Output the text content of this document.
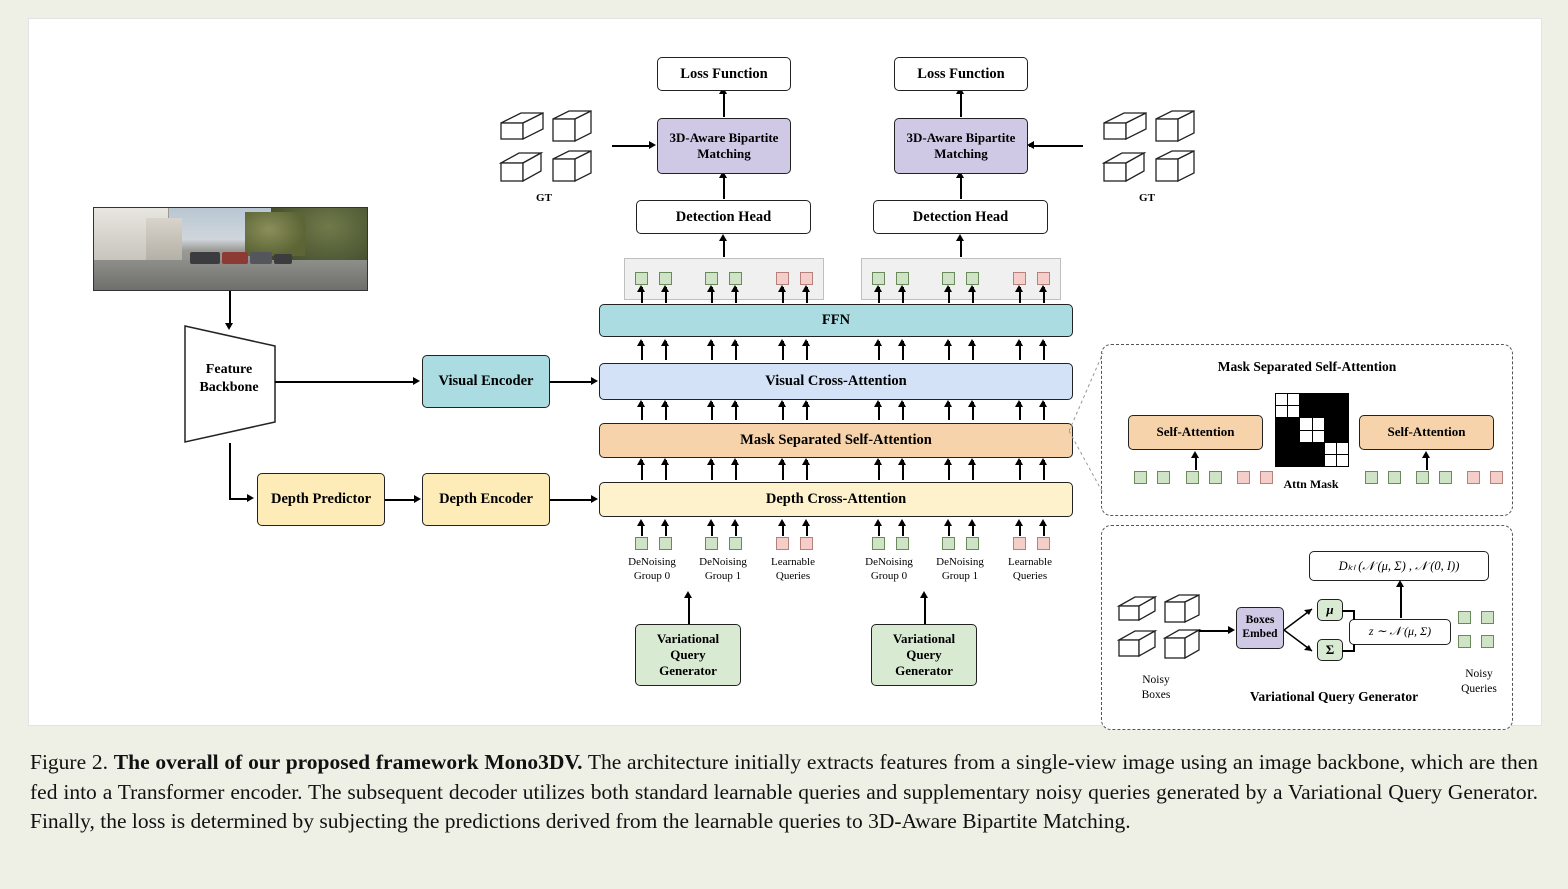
Feature
Backbone	Visual Encoder
Depth Predictor	Depth Encoder
FFN
Visual Cross-Attention
Mask Separated Self-Attention
Depth Cross-Attention
DeNoising
Group 0
DeNoising
Group 1
Learnable
Queries
DeNoising
Group 0
DeNoising
Group 1
Learnable
Queries
Variational
Query
Generator
Variational
Query
Generator
Detection Head	Detection Head
3D-Aware Bipartite
Matching
3D-Aware Bipartite
Matching
Loss Function	Loss Function
GT	GT
Mask Separated Self-Attention
Self-Attention	Self-Attention
Attn Mask
Noisy
Boxes
Boxes
Embed
μ
Σ
z ∼ 𝒩 (μ, Σ)
Dₖₗ (𝒩 (μ, Σ) , 𝒩 (0, I))
Noisy
Queries
Variational Query Generator
Figure 2. The overall of our proposed framework Mono3DV. The architecture initially extracts features from a single-view image using an image backbone, which are then fed into a Transformer encoder. The subsequent decoder utilizes both standard learnable queries and supplementary noisy queries generated by a Variational Query Generator. Finally, the loss is determined by subjecting the predictions derived from the learnable queries to 3D-Aware Bipartite Matching.
